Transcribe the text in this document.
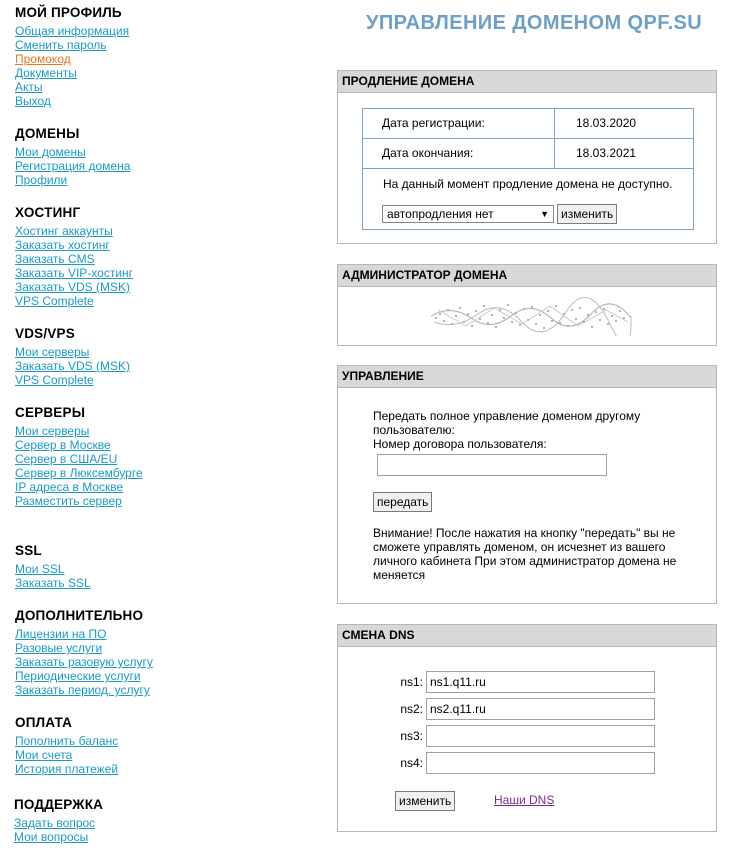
МОЙ ПРОФИЛЬ
Общая информация
Сменить пароль
Промокод
Документы
Акты
Выход
ДОМЕНЫ
Мои домены
Регистрация домена
Профили
ХОСТИНГ
Хостинг аккаунты
Заказать хостинг
Заказать CMS
Заказать VIP-хостинг
Заказать VDS (MSK)
VPS Complete
VDS/VPS
Мои серверы
Заказать VDS (MSK)
VPS Complete
СЕРВЕРЫ
Мои серверы
Сервер в Москве
Сервер в США/EU
Сервер в Люксембурге
IP адреса в Москве
Разместить сервер
SSL
Мои SSL
Заказать SSL
ДОПОЛНИТЕЛЬНО
Лицензии на ПО
Разовые услуги
Заказать разовую услугу
Периодические услуги
Заказать период. услугу
ОПЛАТА
Пополнить баланс
Мои счета
История платежей
ПОДДЕРЖКА
Задать вопрос
Мои вопросы
УПРАВЛЕНИЕ ДОМЕНОМ QPF.SU
ПРОДЛЕНИЕ ДОМЕНА
Дата регистрации:	18.03.2020
Дата окончания:	18.03.2021
На данный момент продление домена не доступно.
автопродления нет	▼	изменить
АДМИНИСТРАТОР ДОМЕНА
УПРАВЛЕНИЕ
Передать полное управление доменом другому пользователю:
Номер договора пользователя:
передать
Внимание! После нажатия на кнопку "передать" вы не сможете управлять доменом, он исчезнет из вашего личного кабинета При этом администратор домена не меняется
СМЕНА DNS
ns1: ns1.q11.ru
ns2: ns2.q11.ru
ns3:
ns4:
изменить	Наши DNS
